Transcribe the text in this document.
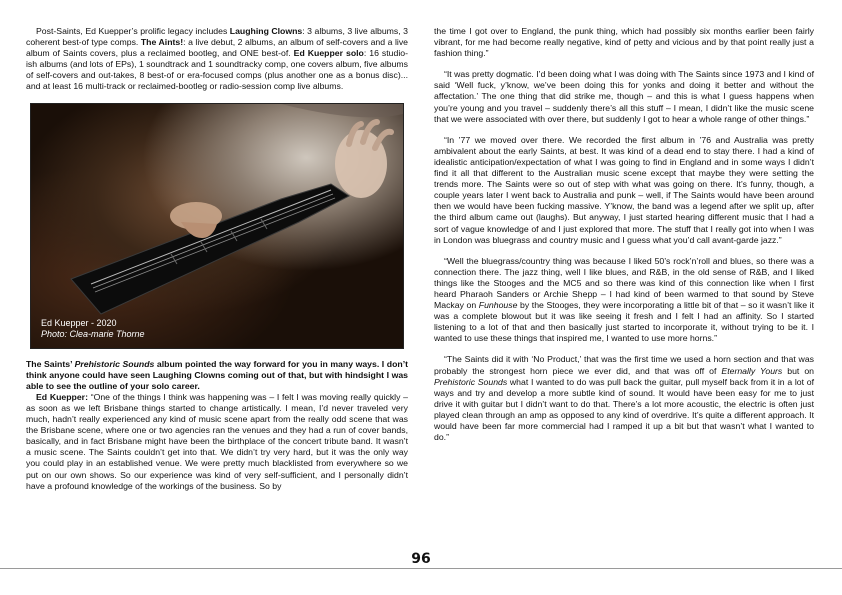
Post-Saints, Ed Kuepper’s prolific legacy includes Laughing Clowns: 3 albums, 3 live albums, 3 coherent best-of type comps. The Aints!: a live debut, 2 albums, an album of self-covers and a live album of Saints covers, plus a reclaimed bootleg, and ONE best-of. Ed Kuepper solo: 16 studio-ish albums (and lots of EPs), 1 soundtrack and 1 soundtracky comp, one covers album, five albums of self-covers and out-takes, 8 best-of or era-focused comps (plus another one as a bonus disc)... and at least 16 multi-track or reclaimed-bootleg or radio-session comp live albums.

Ed Kuepper - 2020
Photo: Clea-marie Thorne

The Saints’ Prehistoric Sounds album pointed the way forward for you in many ways. I don’t think anyone could have seen Laughing Clowns coming out of that, but with hindsight I was able to see the outline of your solo career.

Ed Kuepper: “One of the things I think was happening was – I felt I was moving really quickly – as soon as we left Brisbane things started to change artistically. I mean, I’d never traveled very much, hadn’t really experienced any kind of music scene apart from the really odd scene that was the Brisbane scene, where one or two agencies ran the venues and they had a run of cover bands, basically, and in fact Brisbane might have been the birthplace of the concert tribute band. It wasn’t a music scene. The Saints couldn’t get into that. We didn’t try very hard, but it was the only way you could play in an established venue. We were pretty much blacklisted from everywhere so we put on our own shows. So our experience was kind of very self-sufficient, and I personally didn’t have a profound knowledge of the workings of the business. So by

the time I got over to England, the punk thing, which had possibly six months earlier been fairly vibrant, for me had become really negative, kind of petty and vicious and by that point really just a fashion thing.”

“It was pretty dogmatic. I’d been doing what I was doing with The Saints since 1973 and I kind of said ‘Well fuck, y’know, we’ve been doing this for yonks and doing it better and without the affectation.’ The one thing that did strike me, though – and this is what I guess happens when you’re young and you travel – suddenly there’s all this stuff – I mean, I didn’t like the music scene that we were associated with over there, but suddenly I got to hear a whole range of other things.”

“In ’77 we moved over there. We recorded the first album in ’76 and Australia was pretty ambivalent about the early Saints, at best. It was kind of a dead end to stay there. I had a kind of idealistic anticipation/expectation of what I was going to find in England and in some ways I didn’t find it all that different to the Australian music scene except that maybe they were setting the trends more. The Saints were so out of step with what was going on there. It’s funny, though, a couple years later I went back to Australia and punk – well, if The Saints would have been around then we would have been fucking massive. Y’know, the band was a legend after we split up, after the third album came out (laughs). But anyway, I just started hearing different music that I had a sort of vague knowledge of and I just explored that more. The stuff that I really got into when I was in London was bluegrass and country music and I guess what you’d call avant-garde jazz.”

“Well the bluegrass/country thing was because I liked 50’s rock’n’roll and blues, so there was a connection there. The jazz thing, well I like blues, and R&B, in the old sense of R&B, and I liked things like the Stooges and the MC5 and so there was kind of this connection like when I first heard Pharaoh Sanders or Archie Shepp – I had kind of been warmed to that sound by Steve Mackay on Funhouse by the Stooges, they were incorporating a little bit of that – so it wasn’t like it was a complete blowout but it was like seeing it fresh and I felt I had an affinity. So I started listening to a lot of that and then basically just started to incorporate it, without trying to be it. I wanted to use these things that inspired me, I wanted to use more horns.”

“The Saints did it with ‘No Product,’ that was the first time we used a horn section and that was probably the strongest horn piece we ever did, and that was off of Eternally Yours but on Prehistoric Sounds what I wanted to do was pull back the guitar, pull myself back from it in a lot of ways and try and develop a more subtle kind of sound. It would have been easy for me to just drive it with guitar but I didn’t want to do that. There’s a lot more acoustic, the electric is often just played clean through an amp as opposed to any kind of overdrive. It’s quite a different approach. It would have been far more commercial had I ramped it up a bit but that wasn’t what I wanted to do.”

96
